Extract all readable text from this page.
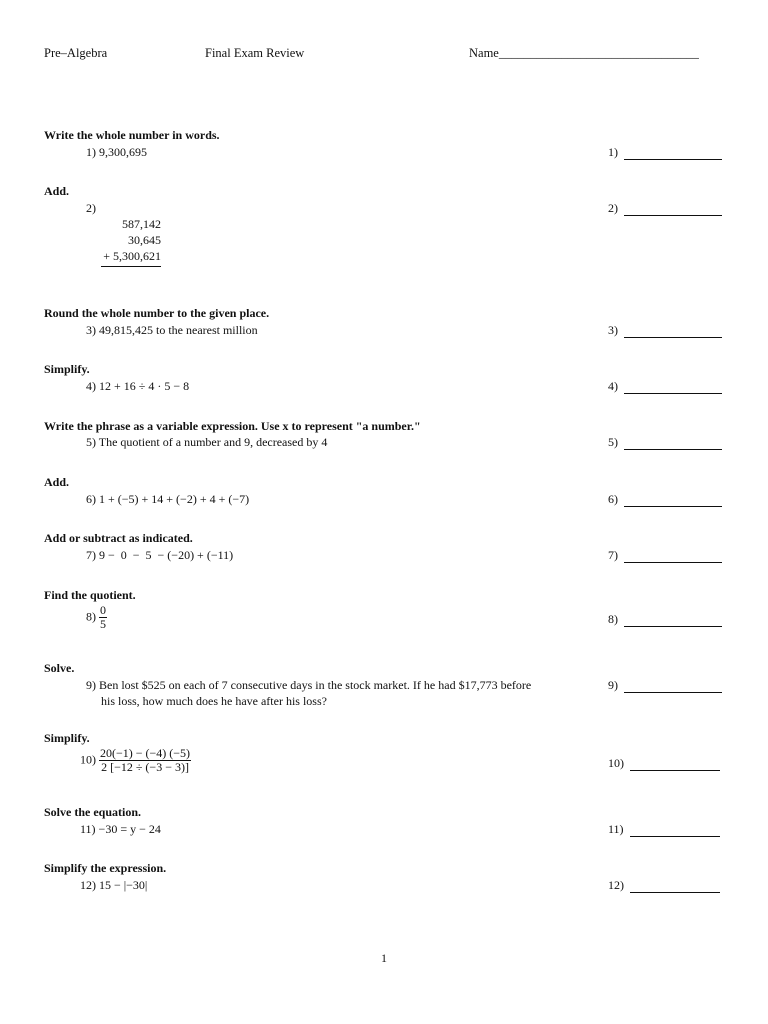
Pre–Algebra	Final Exam Review	Name________________________________
Write the whole number in words.
1) 9,300,695	1)
Add.
2)
587,142
30,645
+ 5,300,621
2)
Round the whole number to the given place.
3) 49,815,425 to the nearest million	3)
Simplify.
4) 12 + 16 ÷ 4 · 5 − 8	4)
Write the phrase as a variable expression. Use x to represent "a number."
5) The quotient of a number and 9, decreased by 4	5)
Add.
6) 1 + (−5) + 14 + (−2) + 4 + (−7)	6)
Add or subtract as indicated.
7) 9 −  0  −  5  − (−20) + (−11)	7)
Find the quotient.
$8) \frac{0}{5}$	8)
Solve.
9) Ben lost $525 on each of 7 consecutive days in the stock market. If he had $17,773 before
his loss, how much does he have after his loss?
9)
Simplify.
$10) \frac{20(-1) - (-4) (-5)}{2 [-12 \div (-3 - 3)]}$	10)
Solve the equation.
11) −30 = y − 24	11)
Simplify the expression.
12) 15 − |−30|	12)
1
